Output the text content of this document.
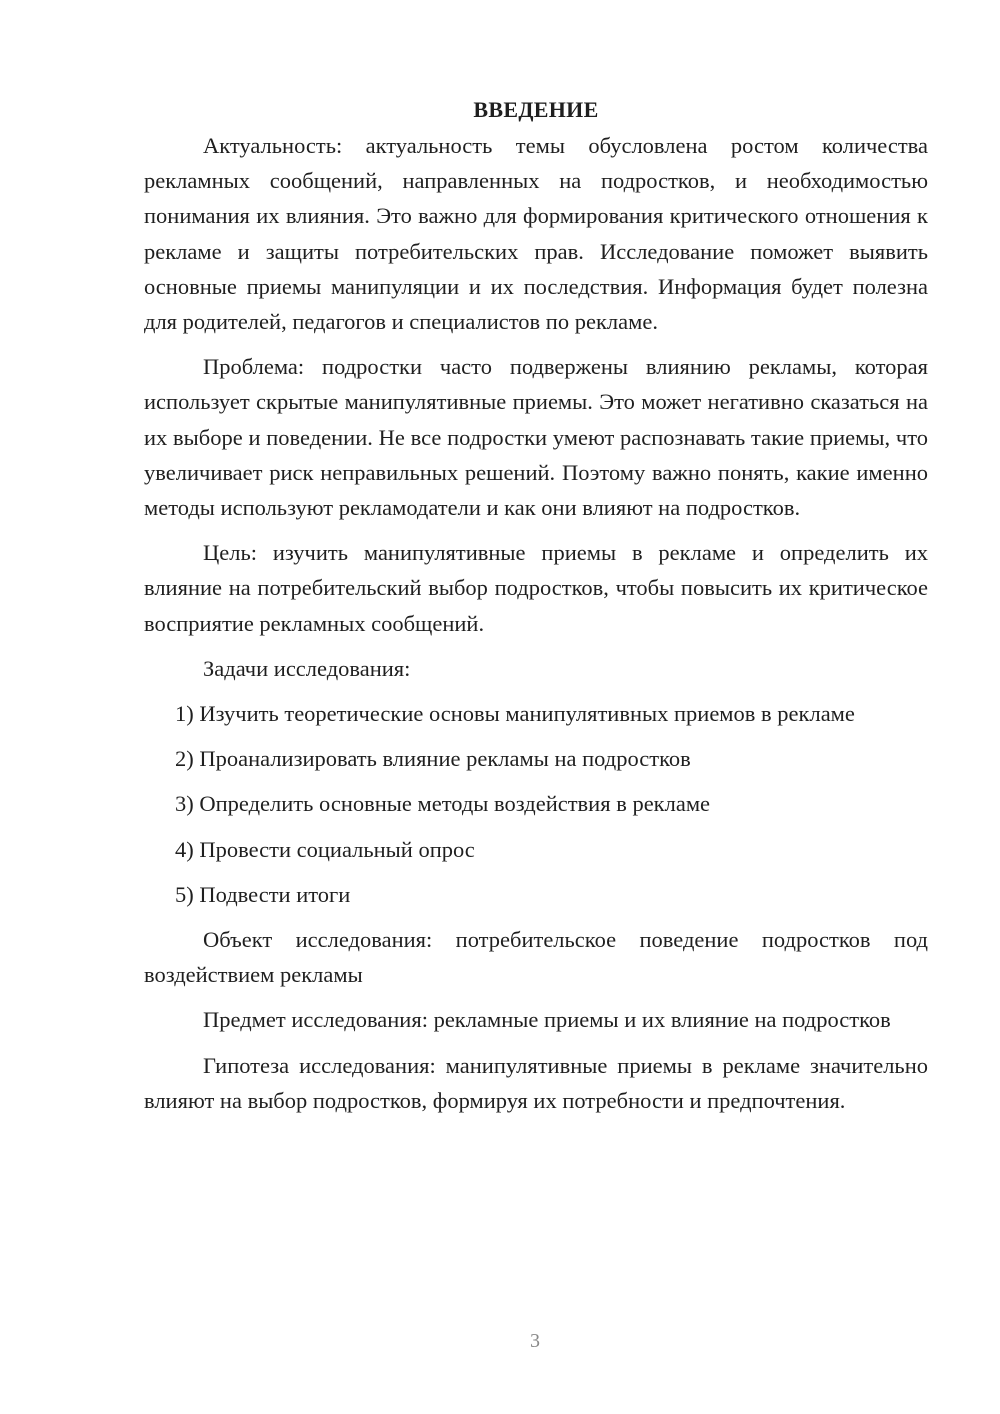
ВВЕДЕНИЕ

Актуальность: актуальность темы обусловлена ростом количества рекламных сообщений, направленных на подростков, и необходимостью понимания их влияния. Это важно для формирования критического отношения к рекламе и защиты потребительских прав. Исследование поможет выявить основные приемы манипуляции и их последствия. Информация будет полезна для родителей, педагогов и специалистов по рекламе.

Проблема: подростки часто подвержены влиянию рекламы, которая использует скрытые манипулятивные приемы. Это может негативно сказаться на их выборе и поведении. Не все подростки умеют распознавать такие приемы, что увеличивает риск неправильных решений. Поэтому важно понять, какие именно методы используют рекламодатели и как они влияют на подростков.

Цель: изучить манипулятивные приемы в рекламе и определить их влияние на потребительский выбор подростков, чтобы повысить их критическое восприятие рекламных сообщений.

Задачи исследования:

1) Изучить теоретические основы манипулятивных приемов в рекламе

2) Проанализировать влияние рекламы на подростков

3) Определить основные методы воздействия в рекламе

4) Провести социальный опрос

5) Подвести итоги

Объект исследования: потребительское поведение подростков под воздействием рекламы

Предмет исследования: рекламные приемы и их влияние на подростков

Гипотеза исследования: манипулятивные приемы в рекламе значительно влияют на выбор подростков, формируя их потребности и предпочтения.

3
